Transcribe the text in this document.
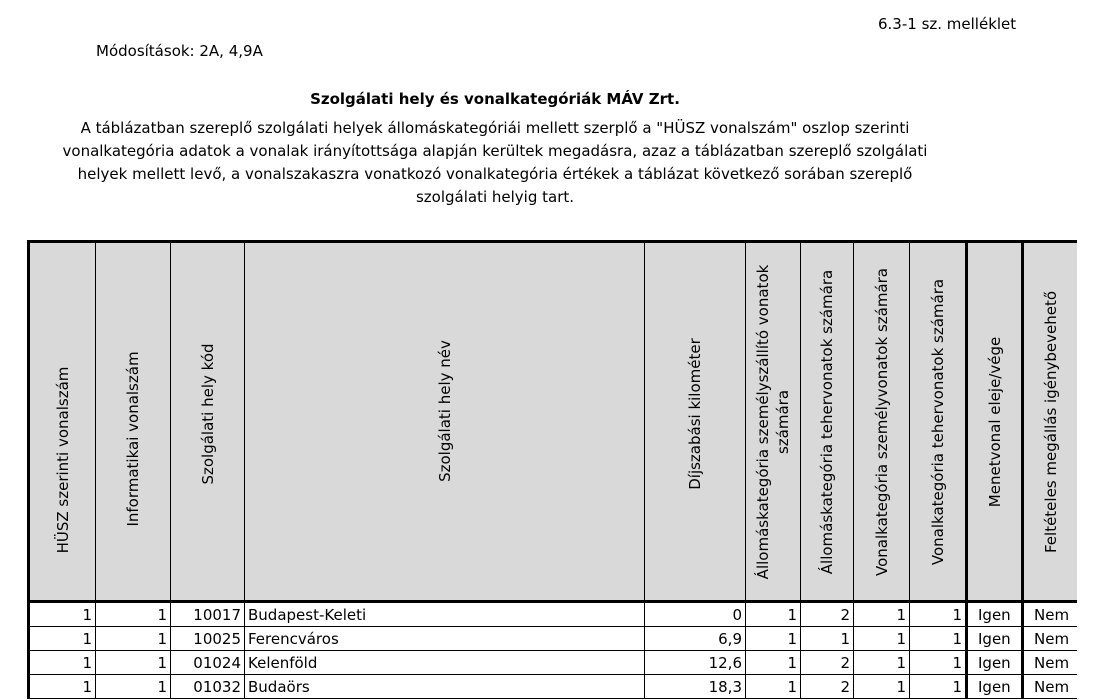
6.3-1 sz. melléklet
Módosítások: 2A, 4,9A
Szolgálati hely és vonalkategóriák MÁV Zrt.
A táblázatban szereplő szolgálati helyek állomáskategóriái mellett szerplő a "HÜSZ vonalszám" oszlop szerinti
vonalkategória adatok a vonalak irányítottsága alapján kerültek megadásra, azaz a táblázatban szereplő szolgálati
helyek mellett levő, a vonalszakaszra vonatkozó vonalkategória értékek a táblázat következő sorában szereplő
szolgálati helyig tart.
HÜSZ szerinti vonalszám	Informatikai vonalszám	Szolgálati hely kód	Szolgálati hely név	Díjszabási kilométer	Állomáskategória személyszállító vonatok számára	Állomáskategória tehervonatok számára	Vonalkategória személyvonatok számára	Vonalkategória tehervonatok számára	Menetvonal eleje/vége	Feltételes megállás igénybevehető

1	1	10017	Budapest-Keleti	0	1	2	1	1	Igen	Nem
1	1	10025	Ferencváros	6,9	1	1	1	1	Igen	Nem
1	1	01024	Kelenföld	12,6	1	2	1	1	Igen	Nem
1	1	01032	Budaörs	18,3	1	2	1	1	Igen	Nem
